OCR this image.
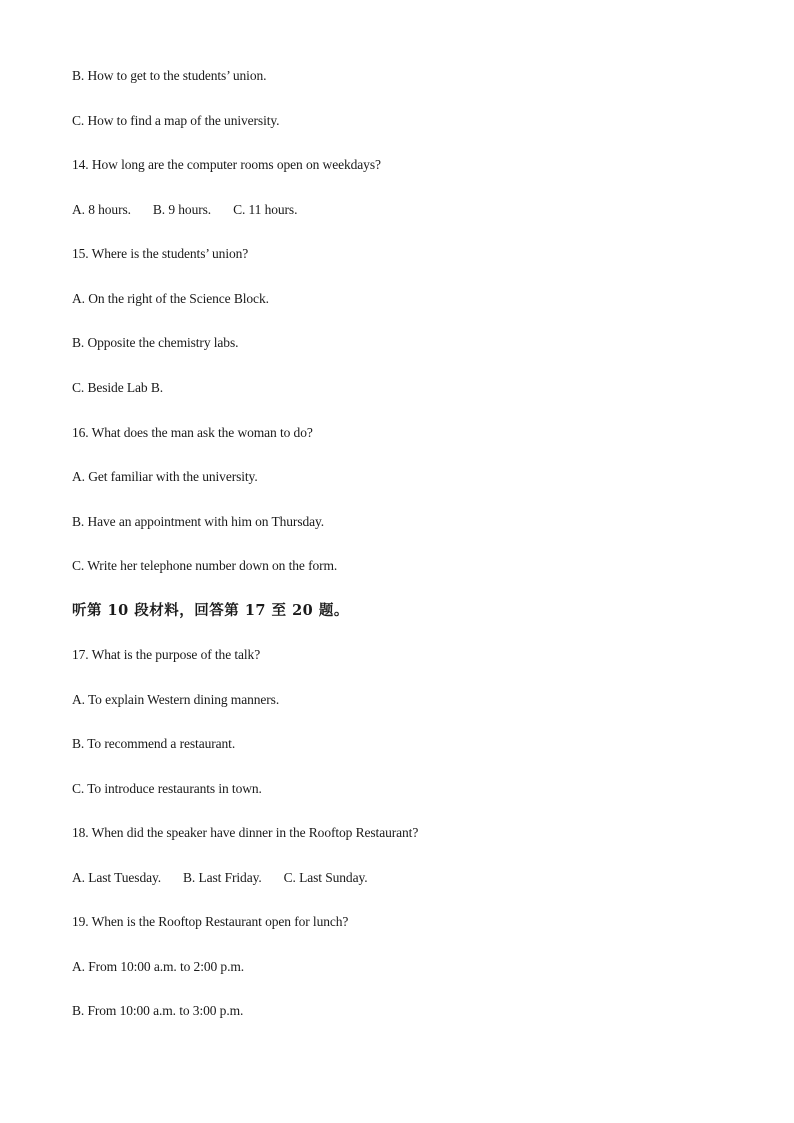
B. How to get to the students’ union.
C. How to find a map of the university.
14. How long are the computer rooms open on weekdays?
A. 8 hours. B. 9 hours. C. 11 hours.
15. Where is the students’ union?
A. On the right of the Science Block.
B. Opposite the chemistry labs.
C. Beside Lab B.
16. What does the man ask the woman to do?
A. Get familiar with the university.
B. Have an appointment with him on Thursday.
C. Write her telephone number down on the form.
听第 10 段材料，回答第 17 至 20 题。
17. What is the purpose of the talk?
A. To explain Western dining manners.
B. To recommend a restaurant.
C. To introduce restaurants in town.
18. When did the speaker have dinner in the Rooftop Restaurant?
A. Last Tuesday. B. Last Friday. C. Last Sunday.
19. When is the Rooftop Restaurant open for lunch?
A. From 10:00 a.m. to 2:00 p.m.
B. From 10:00 a.m. to 3:00 p.m.
